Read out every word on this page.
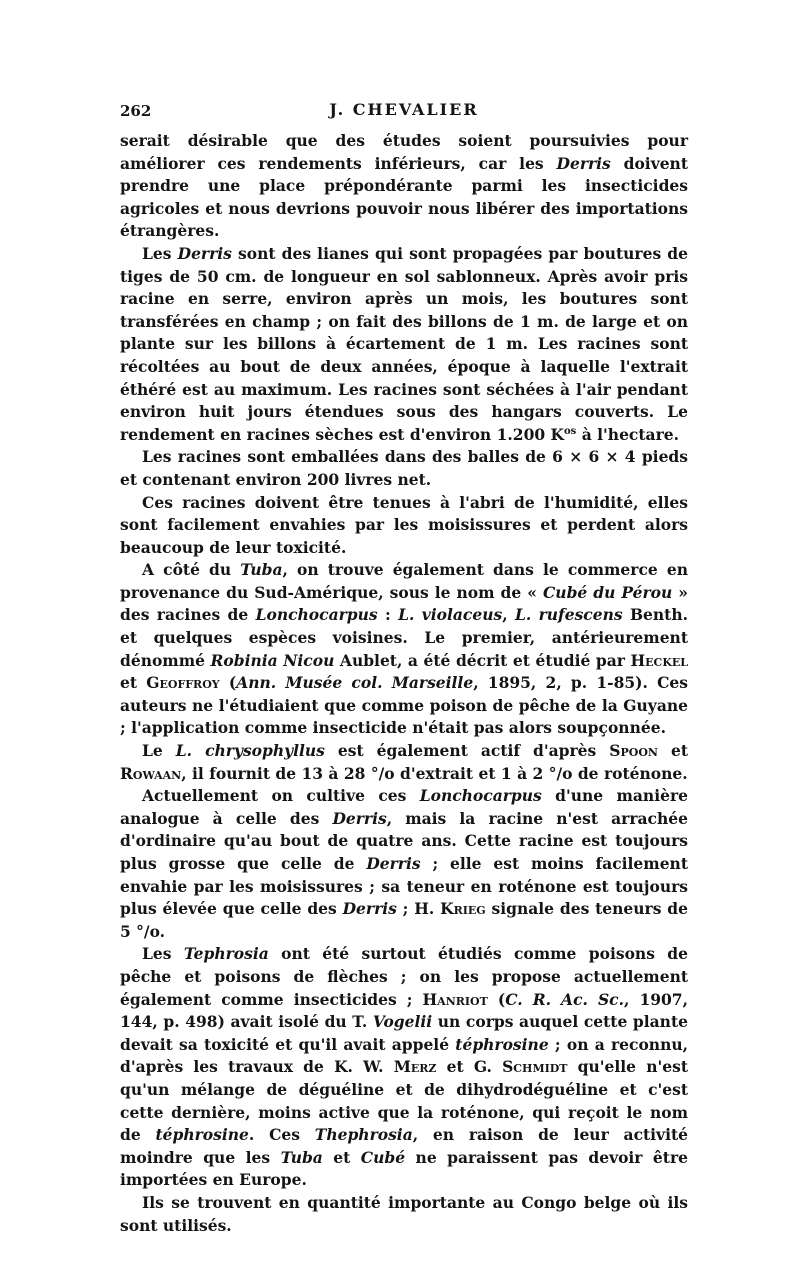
262	J. CHEVALIER

serait désirable que des études soient poursuivies pour améliorer ces rendements inférieurs, car les Derris doivent prendre une place prépondérante parmi les insecticides agricoles et nous devrions pouvoir nous libérer des importations étrangères.

Les Derris sont des lianes qui sont propagées par boutures de tiges de 50 cm. de longueur en sol sablonneux. Après avoir pris racine en serre, environ après un mois, les boutures sont transférées en champ ; on fait des billons de 1 m. de large et on plante sur les billons à écartement de 1 m. Les racines sont récoltées au bout de deux années, époque à laquelle l'extrait éthéré est au maximum. Les racines sont séchées à l'air pendant environ huit jours étendues sous des hangars couverts. Le rendement en racines sèches est d'environ 1.200 $K^{os}$ à l'hectare.

Les racines sont emballées dans des balles de 6 × 6 × 4 pieds et contenant environ 200 livres net.

Ces racines doivent être tenues à l'abri de l'humidité, elles sont facilement envahies par les moisissures et perdent alors beaucoup de leur toxicité.

A côté du Tuba, on trouve également dans le commerce en provenance du Sud-Amérique, sous le nom de « Cubé du Pérou » des racines de Lonchocarpus : L. violaceus, L. rufescens Benth. et quelques espèces voisines. Le premier, antérieurement dénommé Robinia Nicou Aublet, a été décrit et étudié par Heckel et Geoffroy (Ann. Musée col. Marseille, 1895, 2, p. 1-85). Ces auteurs ne l'étudiaient que comme poison de pêche de la Guyane ; l'application comme insecticide n'était pas alors soupçonnée.

Le L. chrysophyllus est également actif d'après Spoon et Rowaan, il fournit de 13 à 28 °/o d'extrait et 1 à 2 °/o de roténone.

Actuellement on cultive ces Lonchocarpus d'une manière analogue à celle des Derris, mais la racine n'est arrachée d'ordinaire qu'au bout de quatre ans. Cette racine est toujours plus grosse que celle de Derris ; elle est moins facilement envahie par les moisissures ; sa teneur en roténone est toujours plus élevée que celle des Derris ; H. Krieg signale des teneurs de 5 °/o.

Les Tephrosia ont été surtout étudiés comme poisons de pêche et poisons de flèches ; on les propose actuellement également comme insecticides ; Hanriot (C. R. Ac. Sc., 1907, 144, p. 498) avait isolé du T. Vogelii un corps auquel cette plante devait sa toxicité et qu'il avait appelé téphrosine ; on a reconnu, d'après les travaux de K. W. Merz et G. Schmidt qu'elle n'est qu'un mélange de déguéline et de dihydrodéguéline et c'est cette dernière, moins active que la roténone, qui reçoit le nom de téphrosine. Ces Thephrosia, en raison de leur activité moindre que les Tuba et Cubé ne paraissent pas devoir être importées en Europe.

Ils se trouvent en quantité importante au Congo belge où ils sont utilisés.
